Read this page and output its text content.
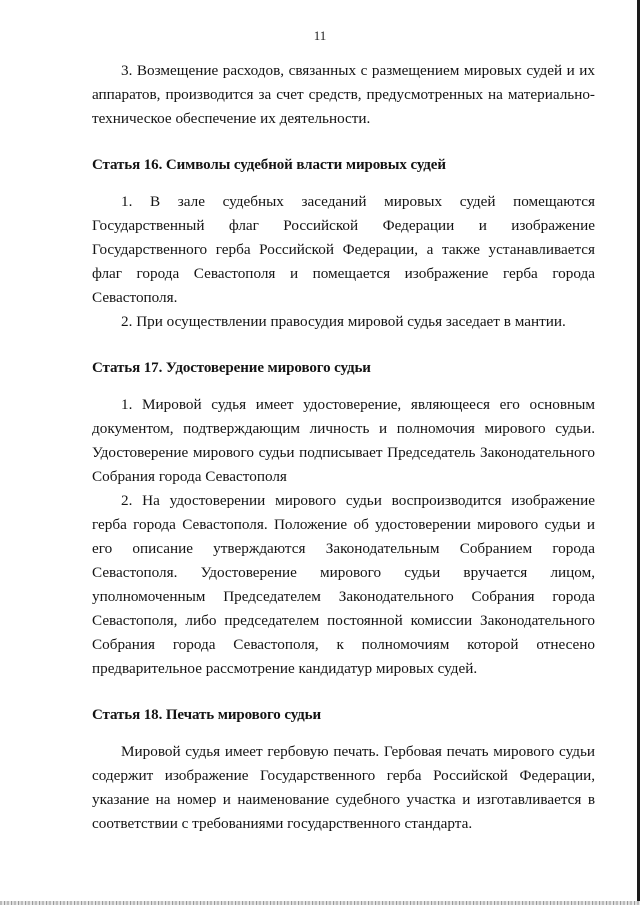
11

3. Возмещение расходов, связанных с размещением мировых судей и их аппаратов, производится за счет средств, предусмотренных на материально-техническое обеспечение их деятельности.

Статья 16. Символы судебной власти мировых судей

1. В зале судебных заседаний мировых судей помещаются Государственный флаг Российской Федерации и изображение Государственного герба Российской Федерации, а также устанавливается флаг города Севастополя и помещается изображение герба города Севастополя.

2. При осуществлении правосудия мировой судья заседает в мантии.

Статья 17. Удостоверение мирового судьи

1. Мировой судья имеет удостоверение, являющееся его основным документом, подтверждающим личность и полномочия мирового судьи. Удостоверение мирового судьи подписывает Председатель Законодательного Собрания города Севастополя

2. На удостоверении мирового судьи воспроизводится изображение герба города Севастополя. Положение об удостоверении мирового судьи и его описание утверждаются Законодательным Собранием города Севастополя. Удостоверение мирового судьи вручается лицом, уполномоченным Председателем Законодательного Собрания города Севастополя, либо председателем постоянной комиссии Законодательного Собрания города Севастополя, к полномочиям которой отнесено предварительное рассмотрение кандидатур мировых судей.

Статья 18. Печать мирового судьи

Мировой судья имеет гербовую печать. Гербовая печать мирового судьи содержит изображение Государственного герба Российской Федерации, указание на номер и наименование судебного участка и изготавливается в соответствии с требованиями государственного стандарта.
